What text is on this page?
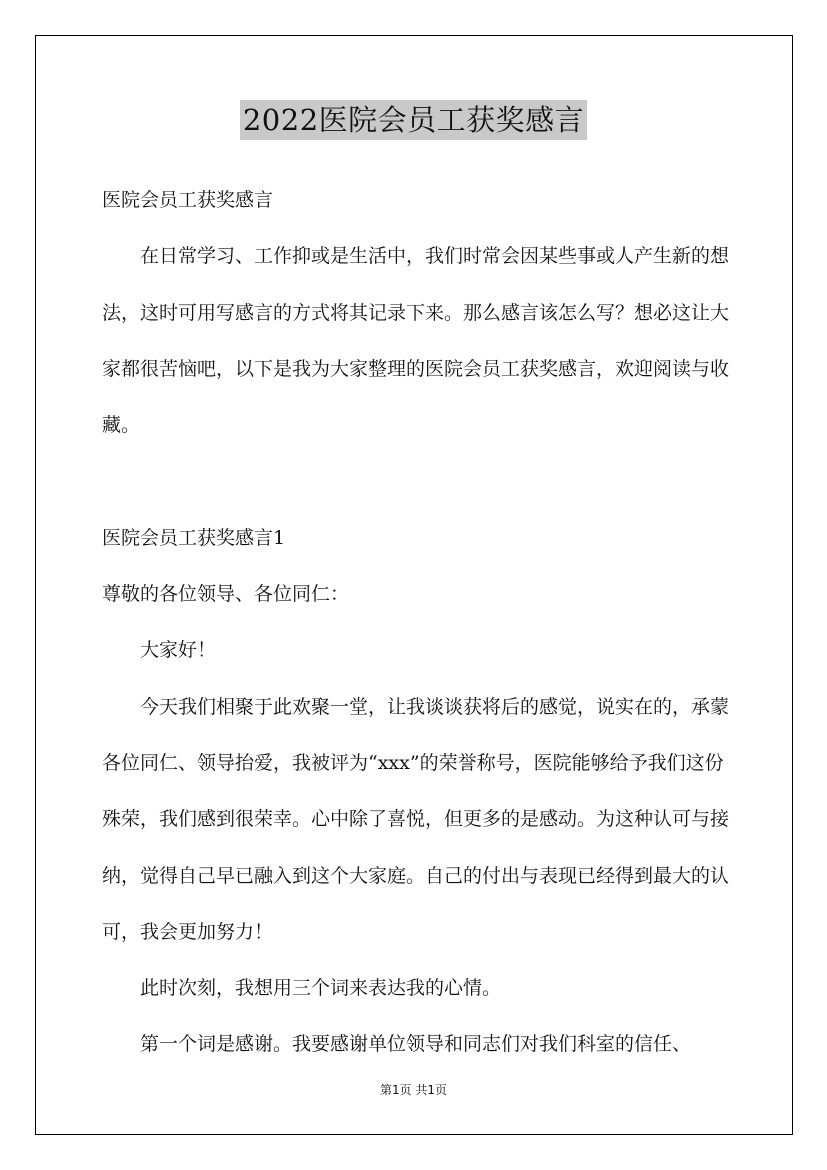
2022医院会员工获奖感言

医院会员工获奖感言

在日常学习、工作抑或是生活中，我们时常会因某些事或人产生新的想法，这时可用写感言的方式将其记录下来。那么感言该怎么写？想必这让大家都很苦恼吧，以下是我为大家整理的医院会员工获奖感言，欢迎阅读与收藏。

医院会员工获奖感言1

尊敬的各位领导、各位同仁：

大家好！

今天我们相聚于此欢聚一堂，让我谈谈获将后的感觉，说实在的，承蒙各位同仁、领导抬爱，我被评为“xxx”的荣誉称号，医院能够给予我们这份殊荣，我们感到很荣幸。心中除了喜悦，但更多的是感动。为这种认可与接纳，觉得自己早已融入到这个大家庭。自己的付出与表现已经得到最大的认可，我会更加努力！

此时次刻，我想用三个词来表达我的心情。

第一个词是感谢。我要感谢单位领导和同志们对我们科室的信任、

第1页 共1页
